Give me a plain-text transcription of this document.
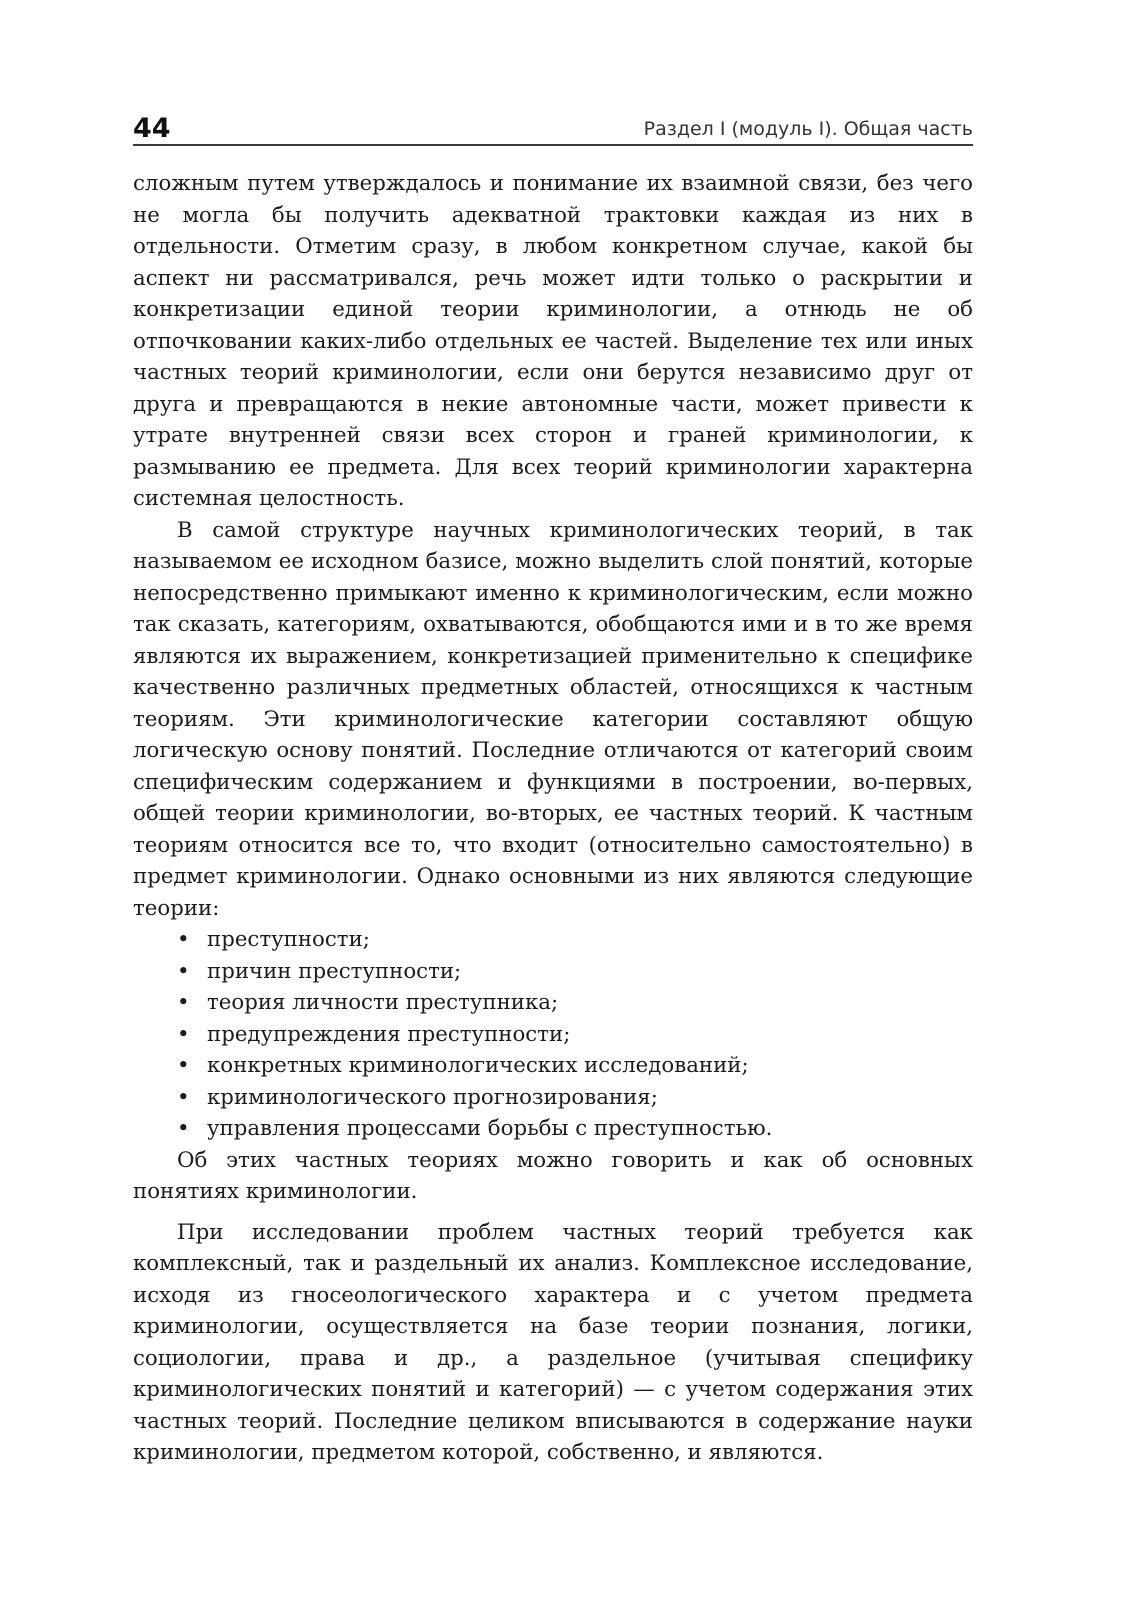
44	Раздел I (модуль I). Общая часть

сложным путем утверждалось и понимание их взаимной связи, без чего не могла бы получить адекватной трактовки каждая из них в отдельности. Отметим сразу, в любом конкретном случае, какой бы аспект ни рассматривался, речь может идти только о раскрытии и конкретизации единой теории криминологии, а отнюдь не об отпочковании каких-либо отдельных ее частей. Выделение тех или иных частных теорий криминологии, если они берутся независимо друг от друга и превращаются в некие автономные части, может привести к утрате внутренней связи всех сторон и граней криминологии, к размыванию ее предмета. Для всех теорий криминологии характерна системная целостность.

В самой структуре научных криминологических теорий, в так называемом ее исходном базисе, можно выделить слой понятий, которые непосредственно примыкают именно к криминологическим, если можно так сказать, категориям, охватываются, обобщаются ими и в то же время являются их выражением, конкретизацией применительно к специфике качественно различных предметных областей, относящихся к частным теориям. Эти криминологические категории составляют общую логическую основу понятий. Последние отличаются от категорий своим специфическим содержанием и функциями в построении, во-первых, общей теории криминологии, во-вторых, ее частных теорий. К частным теориям относится все то, что входит (относительно самостоятельно) в предмет криминологии. Однако основными из них являются следующие теории:

• преступности;
• причин преступности;
• теория личности преступника;
• предупреждения преступности;
• конкретных криминологических исследований;
• криминологического прогнозирования;
• управления процессами борьбы с преступностью.

Об этих частных теориях можно говорить и как об основных понятиях криминологии.

При исследовании проблем частных теорий требуется как комплексный, так и раздельный их анализ. Комплексное исследование, исходя из гносеологического характера и с учетом предмета криминологии, осуществляется на базе теории познания, логики, социологии, права и др., а раздельное (учитывая специфику криминологических понятий и категорий) — с учетом содержания этих частных теорий. Последние целиком вписываются в содержание науки криминологии, предметом которой, собственно, и являются.
